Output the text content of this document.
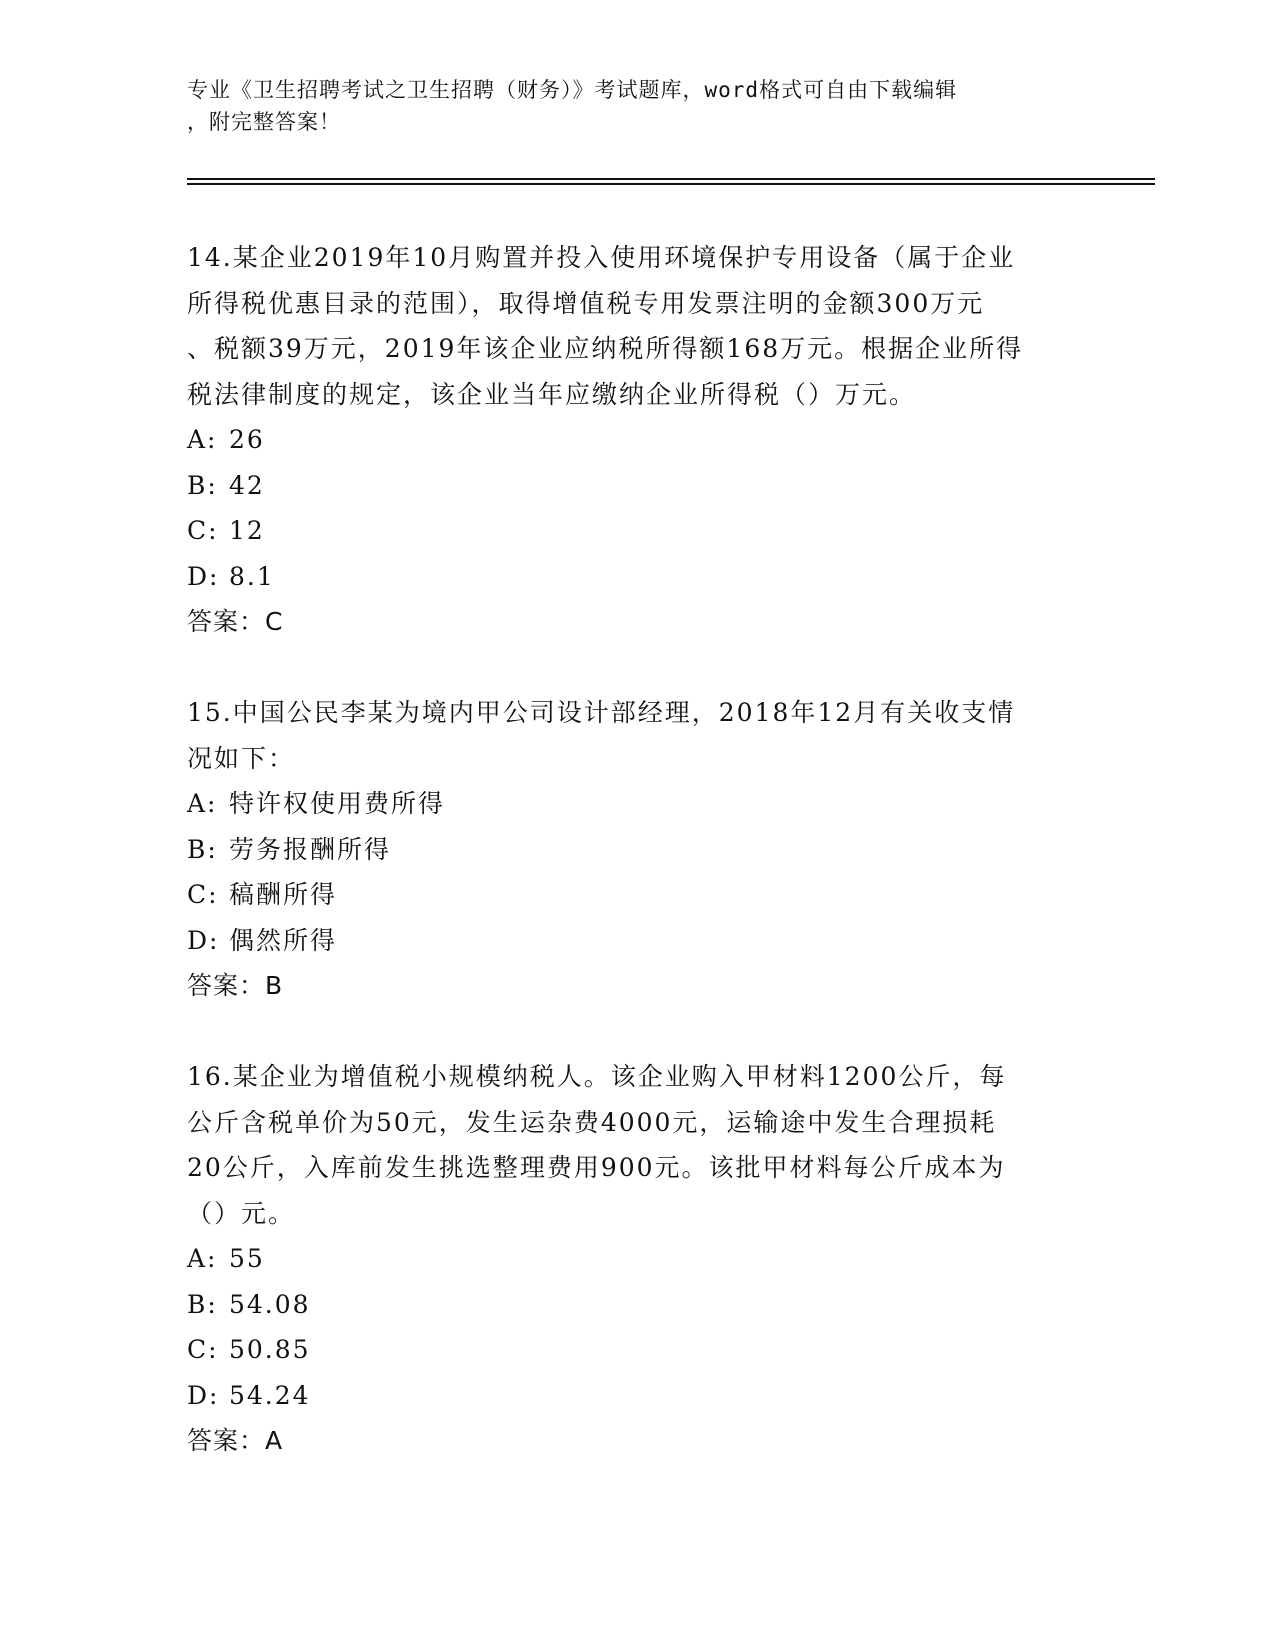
专业《卫生招聘考试之卫生招聘（财务）》考试题库，word格式可自由下载编辑
，附完整答案！

14.某企业2019年10月购置并投入使用环境保护专用设备（属于企业

所得税优惠目录的范围），取得增值税专用发票注明的金额300万元

、税额39万元，2019年该企业应纳税所得额168万元。根据企业所得

税法律制度的规定，该企业当年应缴纳企业所得税（）万元。

A: 26

B: 42

C: 12

D: 8.1

答案：C

15.中国公民李某为境内甲公司设计部经理，2018年12月有关收支情

况如下：

A: 特许权使用费所得

B: 劳务报酬所得

C: 稿酬所得

D: 偶然所得

答案：B

16.某企业为增值税小规模纳税人。该企业购入甲材料1200公斤，每

公斤含税单价为50元，发生运杂费4000元，运输途中发生合理损耗

20公斤，入库前发生挑选整理费用900元。该批甲材料每公斤成本为

（）元。

A: 55

B: 54.08

C: 50.85

D: 54.24

答案：A
